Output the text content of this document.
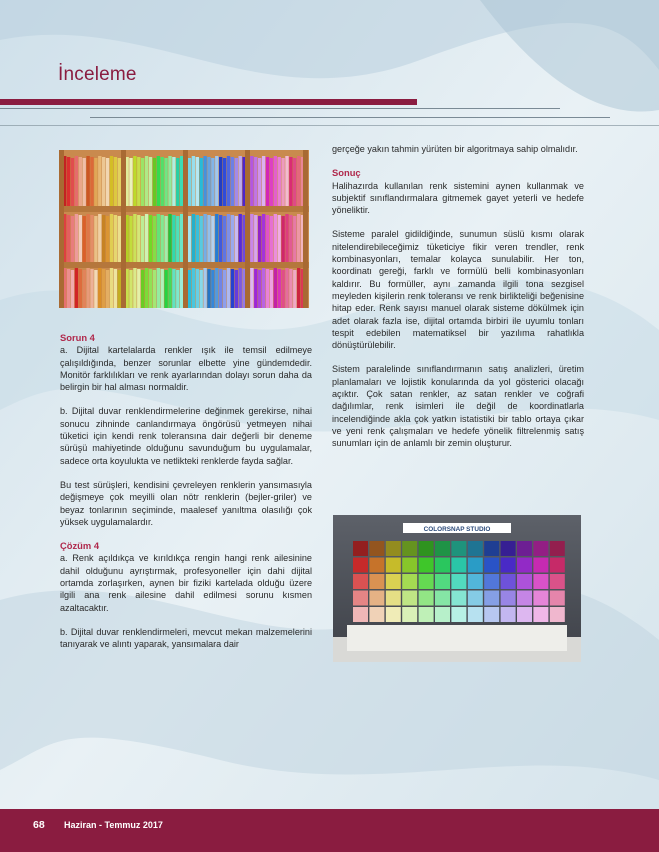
İnceleme
Sorun 4

a. Dijital kartelalarda renkler ışık ile temsil edilmeye çalışıldığında, benzer sorunlar elbette yine gündemdedir. Monitör farklılıkları ve renk ayarlarından dolayı sorun daha da belirgin bir hal alması normaldir.

b. Dijital duvar renklendirmelerine değinmek gerekirse, nihai sonucu zihninde canlandırmaya öngörüsü yetmeyen nihai tüketici için kendi renk toleransına dair değerli bir deneme sürüşü mahiyetinde olduğunu savunduğum bu uygulamalar, sadece orta koyulukta ve netlikteki renklerde fayda sağlar.

Bu test sürüşleri, kendisini çevreleyen renklerin yansımasıyla değişmeye çok meyilli olan nötr renklerin (bejler-griler) ve beyaz tonlarının seçiminde, maalesef yanıltma olasılığı çok yüksek uygulamalardır.

Çözüm 4

a. Renk açıldıkça ve kırıldıkça rengin hangi renk ailesinine dahil olduğunu ayrıştırmak, profesyoneller için dahi dijital ortamda zorlaşırken, aynen bir fiziki kartelada olduğu üzere ilgili ana renk ailesine dahil edilmesi sorunu kısmen azaltacaktır.

b. Dijital duvar renklendirmeleri, mevcut mekan malzemelerini tanıyarak ve alıntı yaparak, yansımalara dair

gerçeğe yakın tahmin yürüten bir algoritmaya sahip olmalıdır.

Sonuç

Halihazırda kullanılan renk sistemini aynen kullanmak ve subjektif sınıflandırmalara gitmemek gayet yeterli ve hedefe yöneliktir.

Sisteme paralel gidildiğinde, sunumun süslü kısmı olarak nitelendirebileceğimiz tüketiciye fikir veren trendler, renk kombinasyonları, temalar kolayca sunulabilir. Her ton, koordinatı gereği, farklı ve formülü belli kombinasyonları kaldırır. Bu formüller, aynı zamanda ilgili tona sezgisel meyleden kişilerin renk toleransı ve renk birlikteliği beğenisine hitap eder. Renk sayısı manuel olarak sisteme dökülmek için adet olarak fazla ise, dijital ortamda birbiri ile uyumlu tonları tespit edebilen matematiksel bir yazılıma rahatlıkla dönüştürülebilir.

Sistem paralelinde sınıflandırmanın satış analizleri, üretim planlamaları ve lojistik konularında da yol gösterici olacağı açıktır. Çok satan renkler, az satan renkler ve coğrafi dağılımlar, renk isimleri ile değil de koordinatlarla incelendiğinde akla çok yatkın istatistiki bir tablo ortaya çıkar ve yeni renk çalışmaları ve hedefe yönelik filtrelenmiş satış sunumları için de anlamlı bir zemin oluşturur.

COLORSNAP STUDIO
68 Haziran - Temmuz 2017
